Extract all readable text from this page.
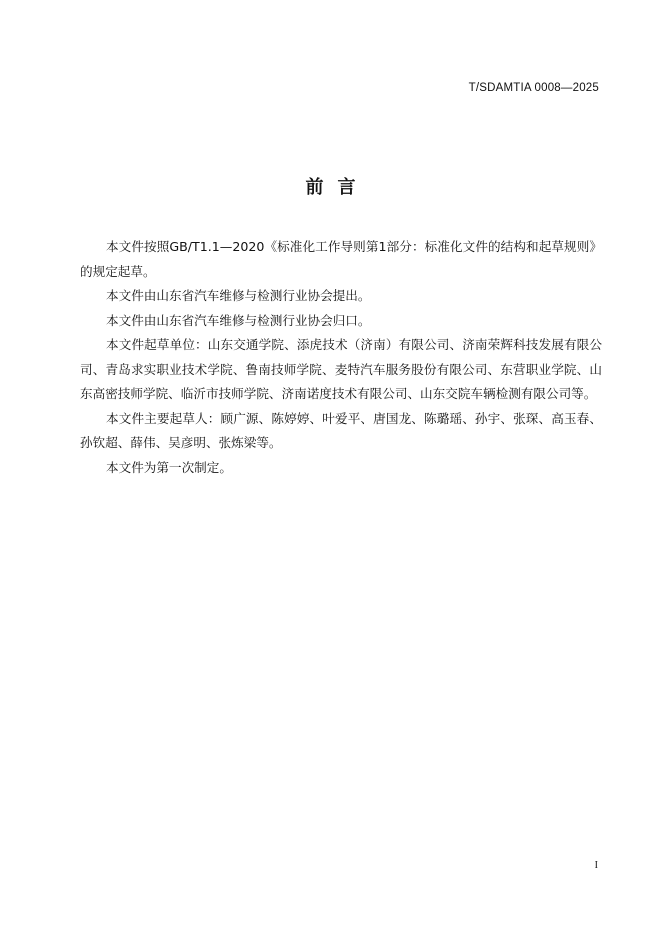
T/SDAMTIA 0008—2025
前言

本文件按照GB/T1.1—2020《标准化工作导则第1部分：标准化文件的结构和起草规则》的规定起草。

本文件由山东省汽车维修与检测行业协会提出。

本文件由山东省汽车维修与检测行业协会归口。

本文件起草单位：山东交通学院、添虎技术（济南）有限公司、济南荣辉科技发展有限公司、青岛求实职业技术学院、鲁南技师学院、麦特汽车服务股份有限公司、东营职业学院、山东高密技师学院、临沂市技师学院、济南诺度技术有限公司、山东交院车辆检测有限公司等。

本文件主要起草人：顾广源、陈婷婷、叶爱平、唐国龙、陈璐瑶、孙宇、张琛、高玉春、孙钦超、薛伟、吴彦明、张炼梁等。

本文件为第一次制定。

I
